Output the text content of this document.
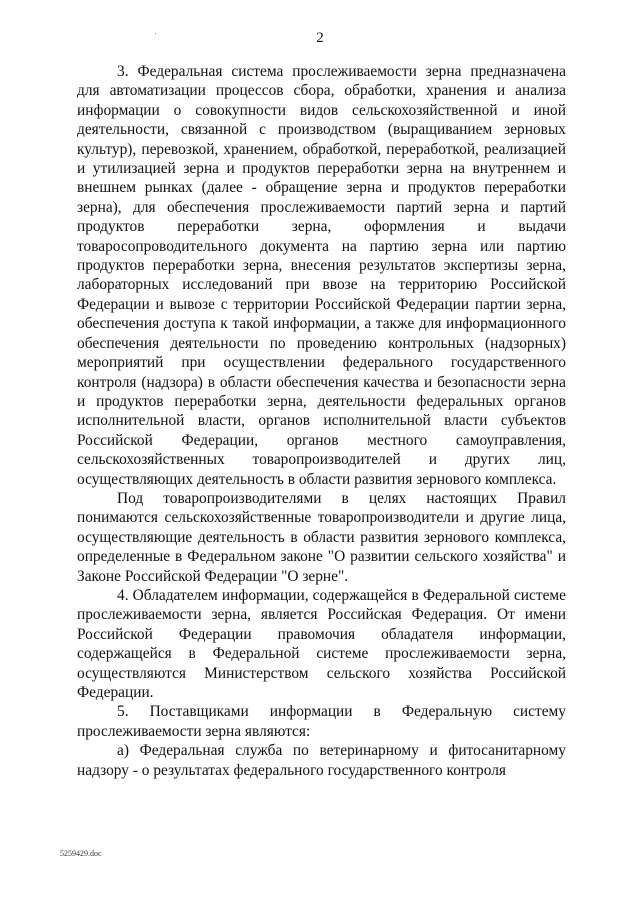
2

3. Федеральная система прослеживаемости зерна предназначена для автоматизации процессов сбора, обработки, хранения и анализа информации о совокупности видов сельскохозяйственной и иной деятельности, связанной с производством (выращиванием зерновых культур), перевозкой, хранением, обработкой, переработкой, реализацией и утилизацией зерна и продуктов переработки зерна на внутреннем и внешнем рынках (далее - обращение зерна и продуктов переработки зерна), для обеспечения прослеживаемости партий зерна и партий продуктов переработки зерна, оформления и выдачи товаросопроводительного документа на партию зерна или партию продуктов переработки зерна, внесения результатов экспертизы зерна, лабораторных исследований при ввозе на территорию Российской Федерации и вывозе с территории Российской Федерации партии зерна, обеспечения доступа к такой информации, а также для информационного обеспечения деятельности по проведению контрольных (надзорных) мероприятий при осуществлении федерального государственного контроля (надзора) в области обеспечения качества и безопасности зерна и продуктов переработки зерна, деятельности федеральных органов исполнительной власти, органов исполнительной власти субъектов Российской Федерации, органов местного самоуправления, сельскохозяйственных товаропроизводителей и других лиц, осуществляющих деятельность в области развития зернового комплекса.

Под товаропроизводителями в целях настоящих Правил понимаются сельскохозяйственные товаропроизводители и другие лица, осуществляющие деятельность в области развития зернового комплекса, определенные в Федеральном законе "О развитии сельского хозяйства" и Законе Российской Федерации "О зерне".

4. Обладателем информации, содержащейся в Федеральной системе прослеживаемости зерна, является Российская Федерация. От имени Российской Федерации правомочия обладателя информации, содержащейся в Федеральной системе прослеживаемости зерна, осуществляются Министерством сельского хозяйства Российской Федерации.

5. Поставщиками информации в Федеральную систему прослеживаемости зерна являются:

а) Федеральная служба по ветеринарному и фитосанитарному надзору - о результатах федерального государственного контроля

5259429.doc
